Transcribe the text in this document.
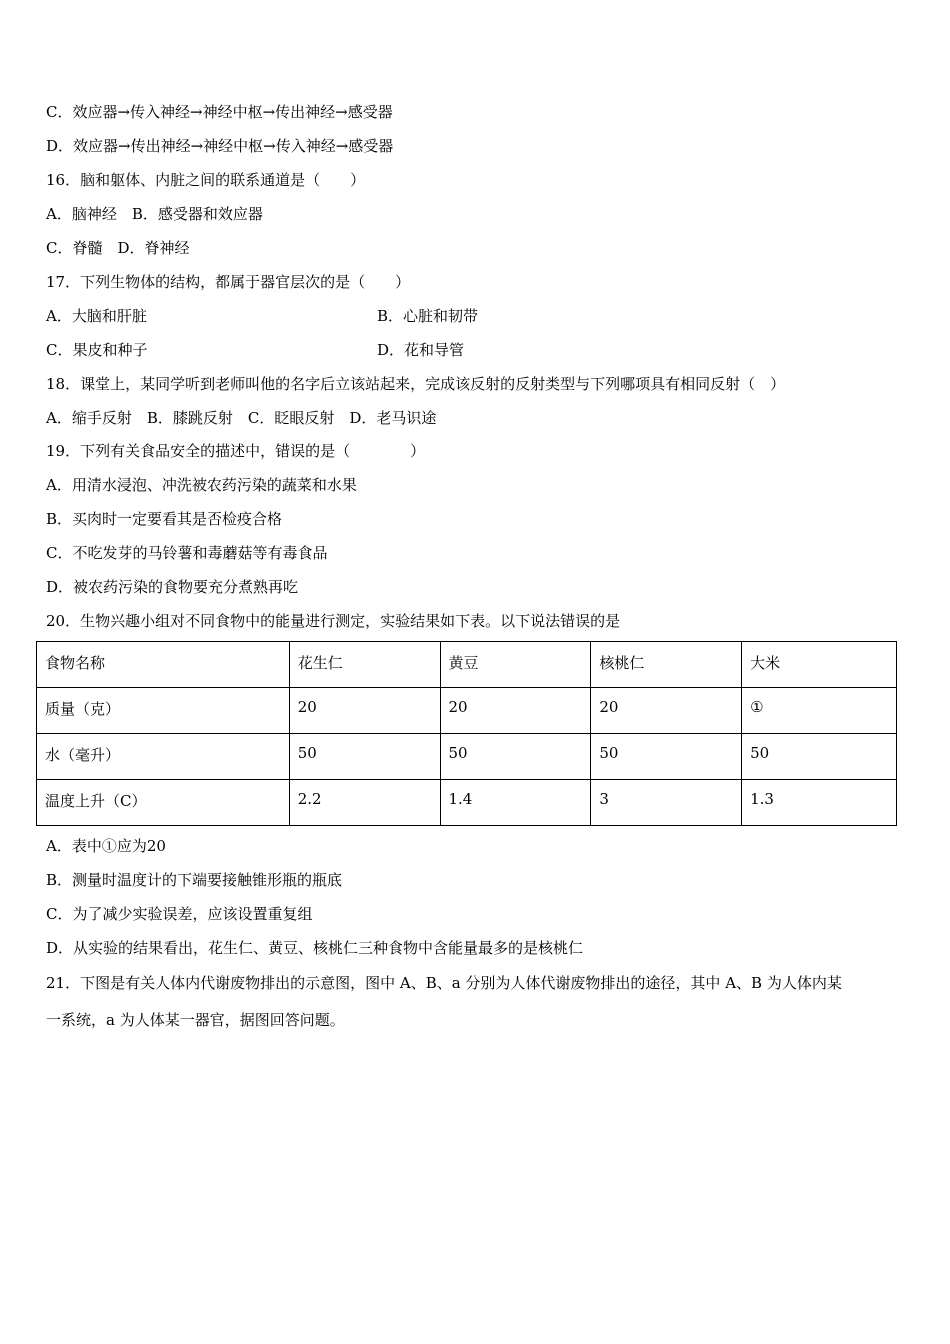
C．效应器→传入神经→神经中枢→传出神经→感受器
D．效应器→传出神经→神经中枢→传入神经→感受器
16．脑和躯体、内脏之间的联系通道是（　　）
A．脑神经　B．感受器和效应器
C．脊髓　D．脊神经
17．下列生物体的结构，都属于器官层次的是（　　）
A．大脑和肝脏	B．心脏和韧带
C．果皮和种子	D．花和导管
18．课堂上，某同学听到老师叫他的名字后立该站起来，完成该反射的反射类型与下列哪项具有相同反射（　）
A．缩手反射　B．膝跳反射　C．眨眼反射　D．老马识途
19．下列有关食品安全的描述中，错误的是（　　　　）
A．用清水浸泡、冲洗被农药污染的蔬菜和水果
B．买肉时一定要看其是否检疫合格
C．不吃发芽的马铃薯和毒蘑菇等有毒食品
D．被农药污染的食物要充分煮熟再吃
20．生物兴趣小组对不同食物中的能量进行测定，实验结果如下表。以下说法错误的是
食物名称	花生仁	黄豆	核桃仁	大米
质量（克）	20	20	20	①
水（毫升）	50	50	50	50
温度上升（C）	2.2	1.4	3	1.3
A．表中①应为20
B．测量时温度计的下端要接触锥形瓶的瓶底
C．为了减少实验误差，应该设置重复组
D．从实验的结果看出，花生仁、黄豆、核桃仁三种食物中含能量最多的是核桃仁
21．下图是有关人体内代谢废物排出的示意图，图中 A、B、a 分别为人体代谢废物排出的途径，其中 A、B 为人体内某
一系统，a 为人体某一器官，据图回答问题。
